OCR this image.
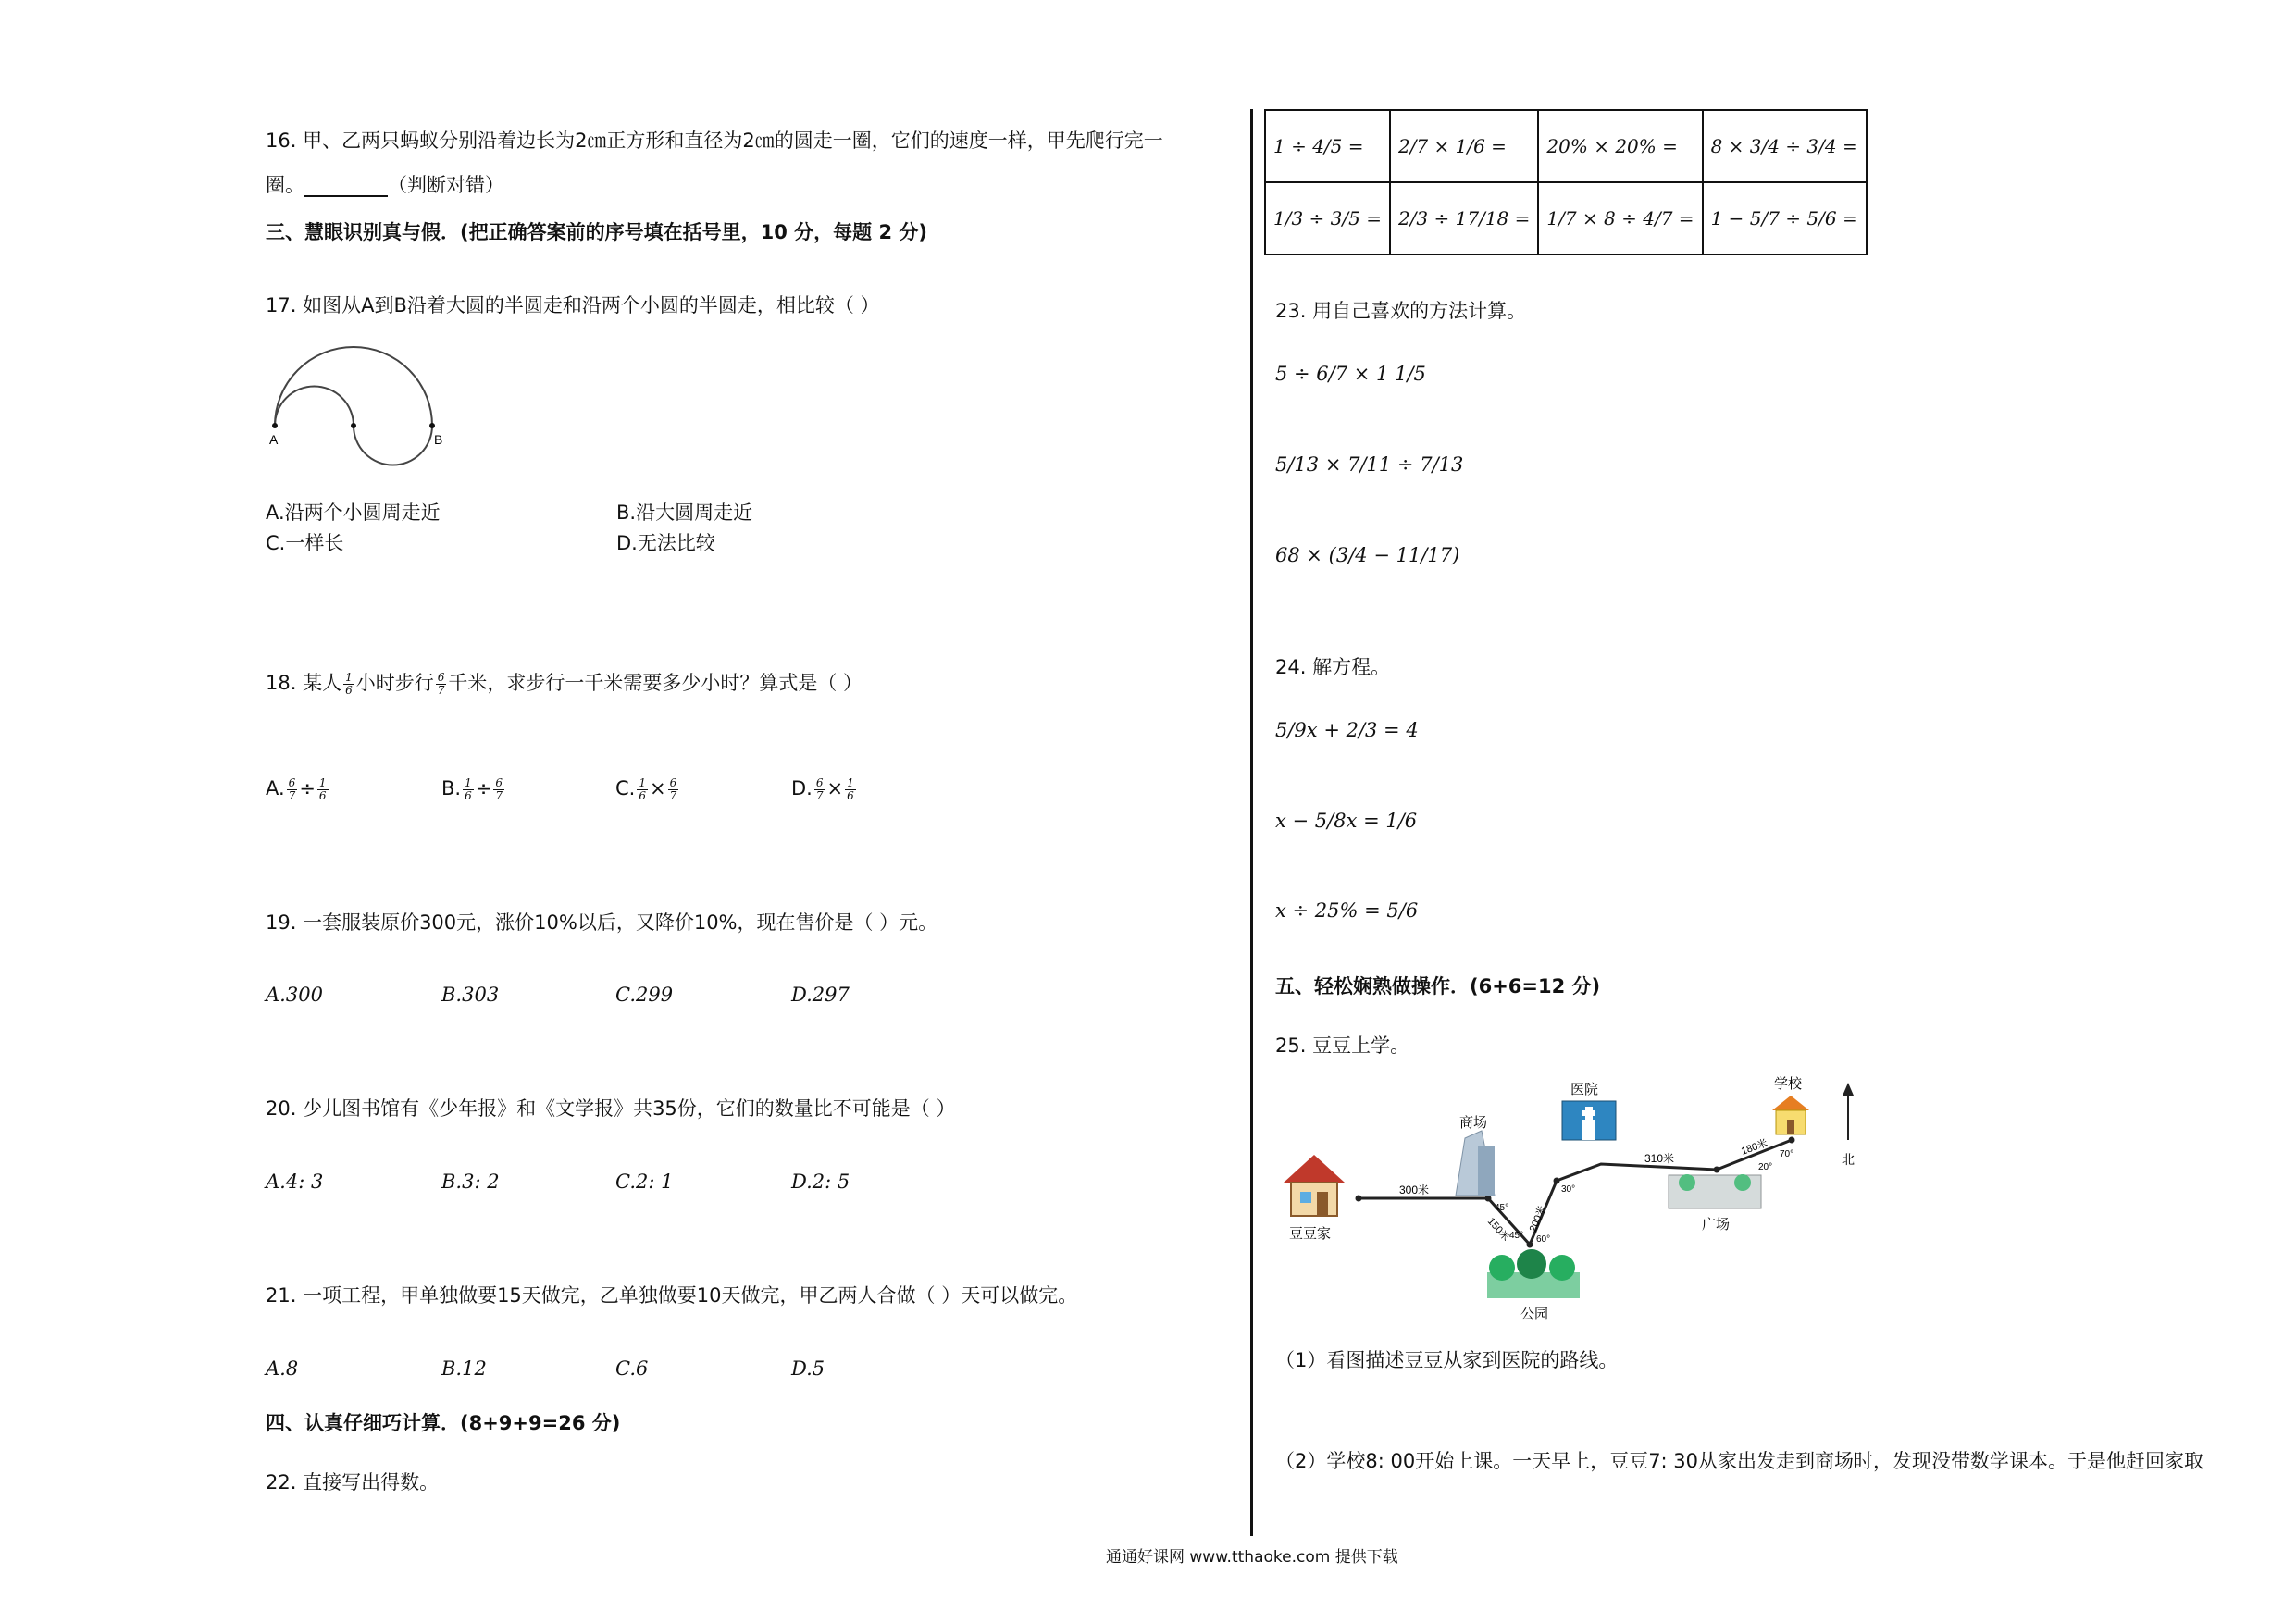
16. 甲、乙两只蚂蚁分别沿着边长为2㎝正方形和直径为2㎝的圆走一圈，它们的速度一样，甲先爬行完一
圈。	（判断对错）
三、慧眼识别真与假．(把正确答案前的序号填在括号里，10 分，每题 2 分)
17. 如图从A到B沿着大圆的半圆走和沿两个小圆的半圆走，相比较（ ）
A	B
A.沿两个小圆周走近	B.沿大圆周走近
C.一样长	D.无法比较
18. 某人 $\frac{1}{6}$ 小时步行 $\frac{6}{7}$ 千米，求步行一千米需要多少小时？算式是（ ）
A. $\frac{6}{7} \div \frac{1}{6}$	B. $\frac{1}{6} \div \frac{6}{7}$	C. $\frac{1}{6} \times \frac{6}{7}$	D. $\frac{6}{7} \times \frac{1}{6}$
19. 一套服装原价300元，涨价10%以后，又降价10%，现在售价是（ ）元。
A.300	B.303	C.299	D.297
20. 少儿图书馆有《少年报》和《文学报》共35份，它们的数量比不可能是（ ）
A.4: 3	B.3: 2	C.2: 1	D.2: 5
21. 一项工程，甲单独做要15天做完，乙单独做要10天做完，甲乙两人合做（ ）天可以做完。
A.8	B.12	C.6	D.5
四、认真仔细巧计算．(8+9+9=26 分)
22. 直接写出得数。
1 ÷ 4/5 =	2/7 × 1/6 =	20% × 20% =	8 × 3/4 ÷ 3/4 =
1/3 ÷ 3/5 =	2/3 ÷ 17/18 =	1/7 × 8 ÷ 4/7 =	1 − 5/7 ÷ 5/6 =
23. 用自己喜欢的方法计算。
5 ÷ 6/7 × 1 1/5
5/13 × 7/11 ÷ 7/13
68 × (3/4 − 11/17)
24. 解方程。
5/9x + 2/3 = 4
x − 5/8x = 1/6
x ÷ 25% = 5/6
五、轻松娴熟做操作．(6+6=12 分)
25. 豆豆上学。
豆豆家
商场
医院	学校
公园
广场
北
300米
150米 200米
310米
180米
45°
45° 60°
30°
20°
70°
（1）看图描述豆豆从家到医院的路线。
（2）学校8: 00开始上课。一天早上，豆豆7: 30从家出发走到商场时，发现没带数学课本。于是他赶回家取
通通好课网 www.tthaoke.com 提供下载
